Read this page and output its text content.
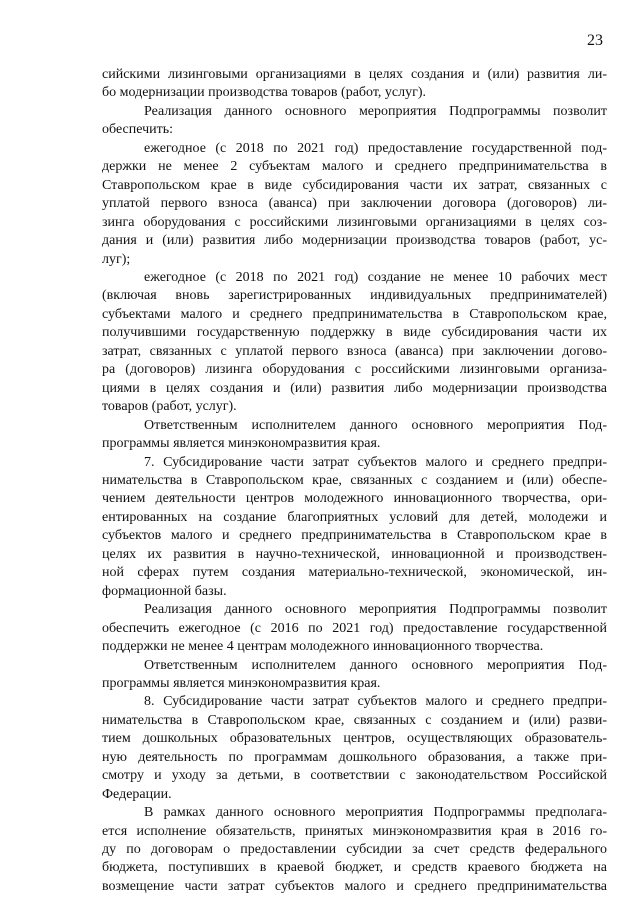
23
сийскими лизинговыми организациями в целях создания и (или) развития ли-
бо модернизации производства товаров (работ, услуг).
Реализация данного основного мероприятия Подпрограммы позволит
обеспечить:
ежегодное (с 2018 по 2021 год) предоставление государственной под-
держки не менее 2 субъектам малого и среднего предпринимательства в
Ставропольском крае в виде субсидирования части их затрат, связанных с
уплатой первого взноса (аванса) при заключении договора (договоров) ли-
зинга оборудования с российскими лизинговыми организациями в целях соз-
дания и (или) развития либо модернизации производства товаров (работ, ус-
луг);
ежегодное (с 2018 по 2021 год) создание не менее 10 рабочих мест
(включая вновь зарегистрированных индивидуальных предпринимателей)
субъектами малого и среднего предпринимательства в Ставропольском крае,
получившими государственную поддержку в виде субсидирования части их
затрат, связанных с уплатой первого взноса (аванса) при заключении догово-
ра (договоров) лизинга оборудования с российскими лизинговыми организа-
циями в целях создания и (или) развития либо модернизации производства
товаров (работ, услуг).
Ответственным исполнителем данного основного мероприятия Под-
программы является минэкономразвития края.
7. Субсидирование части затрат субъектов малого и среднего предпри-
нимательства в Ставропольском крае, связанных с созданием и (или) обеспе-
чением деятельности центров молодежного инновационного творчества, ори-
ентированных на создание благоприятных условий для детей, молодежи и
субъектов малого и среднего предпринимательства в Ставропольском крае в
целях их развития в научно-технической, инновационной и производствен-
ной сферах путем создания материально-технической, экономической, ин-
формационной базы.
Реализация данного основного мероприятия Подпрограммы позволит
обеспечить ежегодное (с 2016 по 2021 год) предоставление государственной
поддержки не менее 4 центрам молодежного инновационного творчества.
Ответственным исполнителем данного основного мероприятия Под-
программы является минэкономразвития края.
8. Субсидирование части затрат субъектов малого и среднего предпри-
нимательства в Ставропольском крае, связанных с созданием и (или) разви-
тием дошкольных образовательных центров, осуществляющих образователь-
ную деятельность по программам дошкольного образования, а также при-
смотру и уходу за детьми, в соответствии с законодательством Российской
Федерации.
В рамках данного основного мероприятия Подпрограммы предполага-
ется исполнение обязательств, принятых минэкономразвития края в 2016 го-
ду по договорам о предоставлении субсидии за счет средств федерального
бюджета, поступивших в краевой бюджет, и средств краевого бюджета на
возмещение части затрат субъектов малого и среднего предпринимательства
